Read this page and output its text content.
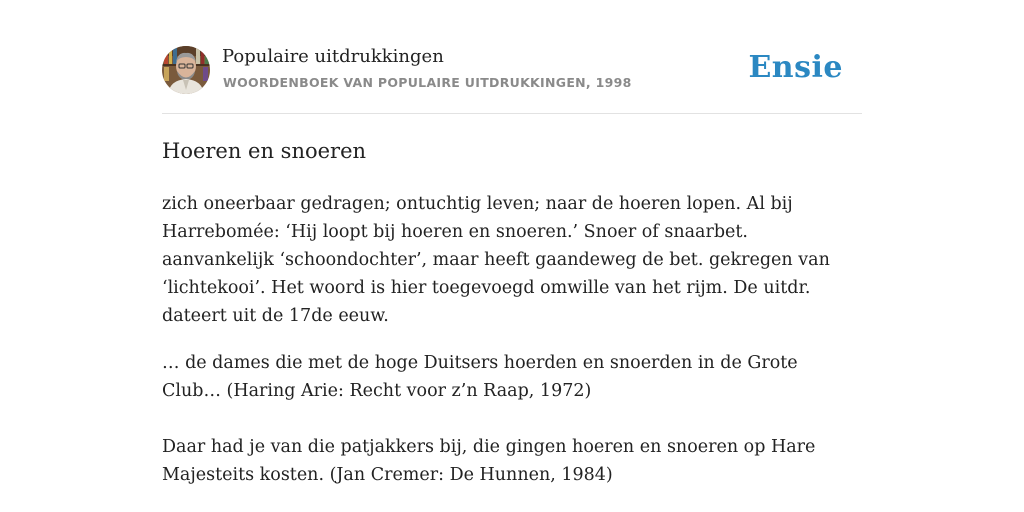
Populaire uitdrukkingen
WOORDENBOEK VAN POPULAIRE UITDRUKKINGEN, 1998	Ensie
Hoeren en snoeren

zich oneerbaar gedragen; ontuchtig leven; naar de hoeren lopen. Al bij Harrebomée: ‘Hij loopt bij hoeren en snoeren.’ Snoer of snaarbet. aanvankelijk ‘schoondochter’, maar heeft gaandeweg de bet. gekregen van ‘lichtekooi’. Het woord is hier toegevoegd omwille van het rijm. De uitdr. dateert uit de 17de eeuw.

… de dames die met de hoge Duitsers hoerden en snoerden in de Grote Club… (Haring Arie: Recht voor z’n Raap, 1972)

Daar had je van die patjakkers bij, die gingen hoeren en snoeren op Hare Majesteits kosten. (Jan Cremer: De Hunnen, 1984)
